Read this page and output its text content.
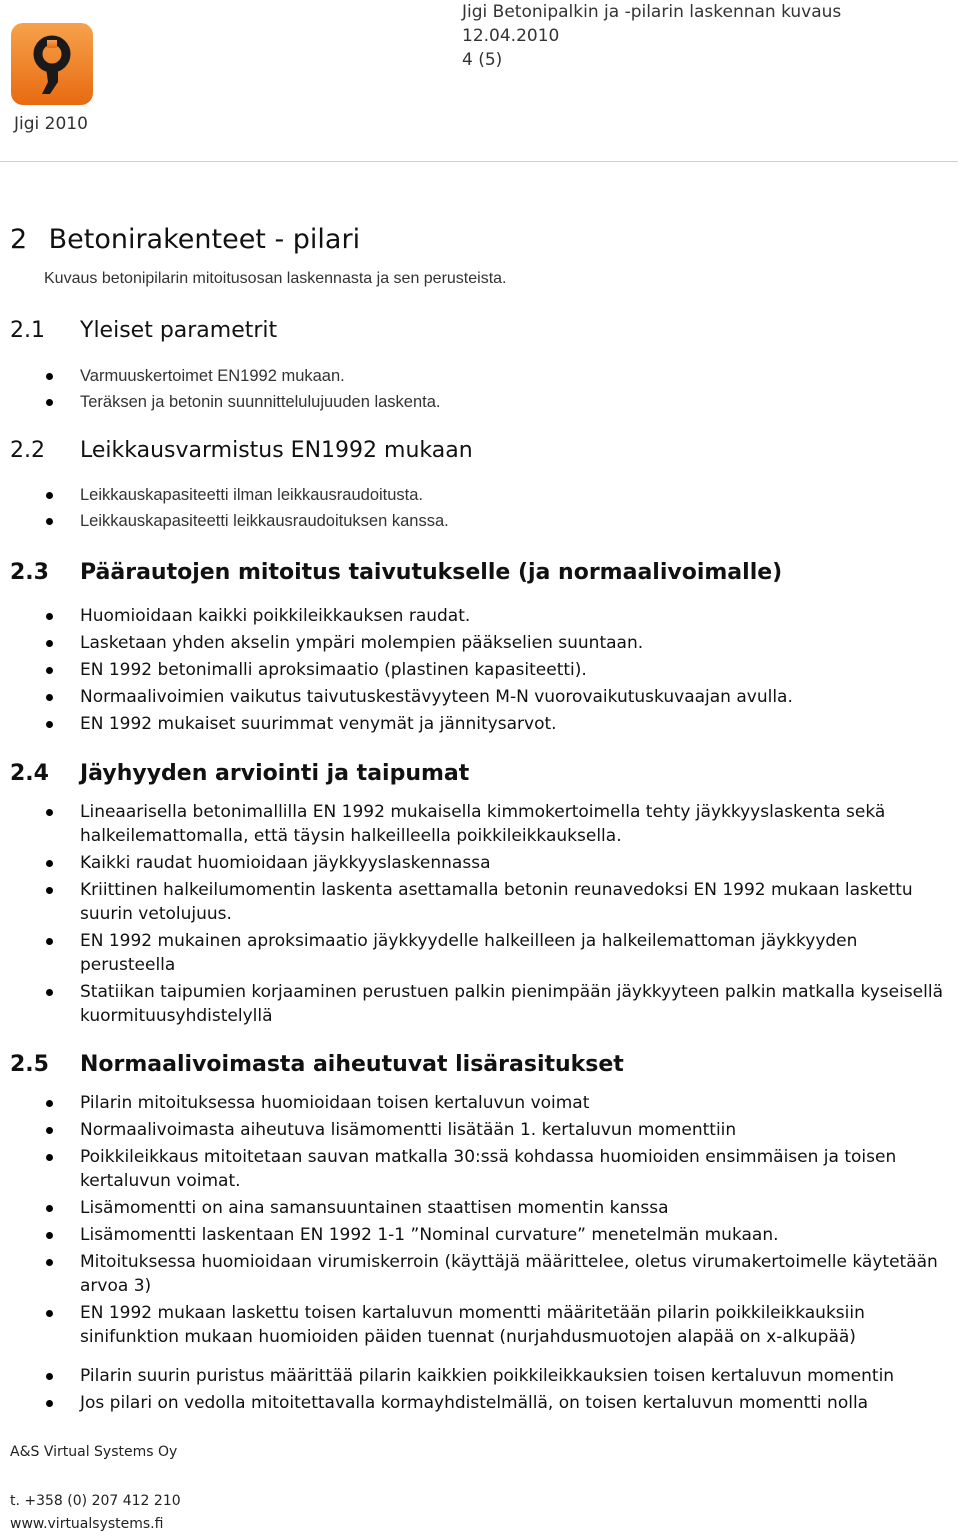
Jigi 2010
Jigi Betonipalkin ja -pilarin laskennan kuvaus
12.04.2010
4 (5)
2 Betonirakenteet - pilari
Kuvaus betonipilarin mitoitusosan laskennasta ja sen perusteista.
2.1 Yleiset parametrit
Varmuuskertoimet EN1992 mukaan.
Teräksen ja betonin suunnittelulujuuden laskenta.
2.2 Leikkausvarmistus EN1992 mukaan
Leikkauskapasiteetti ilman leikkausraudoitusta.
Leikkauskapasiteetti leikkausraudoituksen kanssa.
2.3 Päärautojen mitoitus taivutukselle (ja normaalivoimalle)
Huomioidaan kaikki poikkileikkauksen raudat.
Lasketaan yhden akselin ympäri molempien pääkselien suuntaan.
EN 1992 betonimalli aproksimaatio (plastinen kapasiteetti).
Normaalivoimien vaikutus taivutuskestävyyteen M-N vuorovaikutuskuvaajan avulla.
EN 1992 mukaiset suurimmat venymät ja jännitysarvot.
2.4 Jäyhyyden arviointi ja taipumat
Lineaarisella betonimallilla EN 1992 mukaisella kimmokertoimella tehty jäykkyyslaskenta sekä halkeilemattomalla, että täysin halkeilleella poikkileikkauksella.
Kaikki raudat huomioidaan jäykkyyslaskennassa
Kriittinen halkeilumomentin laskenta asettamalla betonin reunavedoksi EN 1992 mukaan laskettu suurin vetolujuus.
EN 1992 mukainen aproksimaatio jäykkyydelle halkeilleen ja halkeilemattoman jäykkyyden perusteella
Statiikan taipumien korjaaminen perustuen palkin pienimpään jäykkyyteen palkin matkalla kyseisellä kuormituusyhdistelyllä
2.5 Normaalivoimasta aiheutuvat lisärasitukset
Pilarin mitoituksessa huomioidaan toisen kertaluvun voimat
Normaalivoimasta aiheutuva lisämomentti lisätään 1. kertaluvun momenttiin
Poikkileikkaus mitoitetaan sauvan matkalla 30:ssä kohdassa huomioiden ensimmäisen ja toisen kertaluvun voimat.
Lisämomentti on aina samansuuntainen staattisen momentin kanssa
Lisämomentti laskentaan EN 1992 1-1 ”Nominal curvature” menetelmän mukaan.
Mitoituksessa huomioidaan virumiskerroin (käyttäjä määrittelee, oletus virumakertoimelle käytetään arvoa 3)
EN 1992 mukaan laskettu toisen kartaluvun momentti määritetään pilarin poikkileikkauksiin sinifunktion mukaan huomioiden päiden tuennat (nurjahdusmuotojen alapää on x-alkupää)
Pilarin suurin puristus määrittää pilarin kaikkien poikkileikkauksien toisen kertaluvun momentin
Jos pilari on vedolla mitoitettavalla kormayhdistelmällä, on toisen kertaluvun momentti nolla
A&S Virtual Systems Oy
t. +358 (0) 207 412 210
www.virtualsystems.fi
